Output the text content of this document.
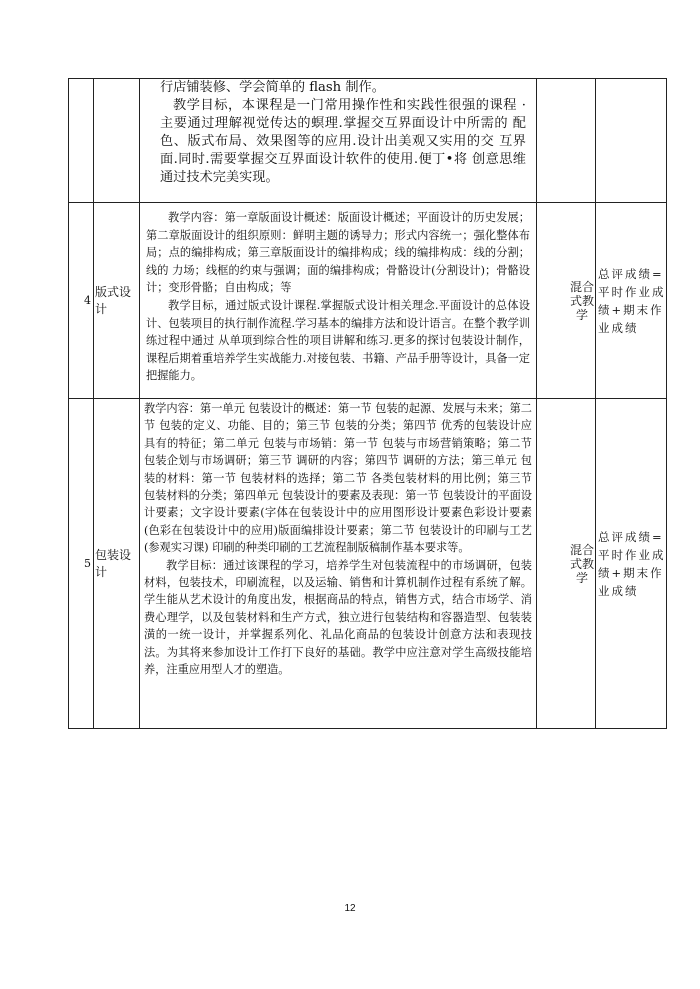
		行店铺装修、学会简单的 flash 制作。

教学目标，本课程是一门常用操作性和实践性很强的课程 · 主要通过理解视觉传达的螟理.掌握交互界面设计中所需的 配色、版式布局、效果图等的应用.设计出美观又实用的交 互界面.同时.需要掌握交互界面设计软件的使用.便丁•将 创意思维通过技术完美实现。		

4	版式设计	教学内容：第一章版面设计概述：版面设计概述；平面设计的历史发展；第二章版面设计的组织原则：鲜明主题的诱导力；形式内容统一；强化整体布局；点的编排构成；第三章版面设计的编排构成；线的编排构成：线的分割；线的 力场；线框的约束与强调；面的编排构成；骨骼设计(分割设计)；骨骼设计；变形骨骼；自由构成；等

教学目标，通过版式设计课程.掌握版式设计相关理念.平面设计的总体设计、包装项目的执行制作流程.学习基本的编排方法和设计语言。在整个教学训练过程中通过 从单项到综合性的项目讲解和练习.更多的探讨包装设计制作，课程后期着重培养学生实战能力.对接包装、书籍、产品手册等设计，具备一定把握能力。	混合式教学	总评成绩=平时作业成绩+期末作业成绩

5	包装设计	教学内容：第一单元 包装设计的概述：第一节 包装的起源、发展与未来；第二节 包装的定义、功能、目的；第三节 包装的分类；第四节 优秀的包装设计应具有的特征；第二单元 包装与市场销：第一节 包装与市场营销策略；第二节 包装企划与市场调研；第三节 调研的内容；第四节 调研的方法；第三单元 包装的材料：第一节 包装材料的选择；第二节 各类包装材料的用比例；第三节 包装材料的分类；第四单元 包装设计的要素及表现：第一节 包装设计的平面设计要素；文字设计要素(字体在包装设计中的应用图形设计要素色彩设计要素(色彩在包装设计中的应用)版面编排设计要素；第二节 包装设计的印刷与工艺 (参观实习课) 印刷的种类印刷的工艺流程制版稿制作基本要求等。

教学目标：通过该课程的学习，培养学生对包装流程中的市场调研，包装材料，包装技术，印刷流程，以及运输、销售和计算机制作过程有系统了解。学生能从艺术设计的角度出发，根据商品的特点，销售方式，结合市场学、消费心理学，以及包装材料和生产方式，独立进行包装结构和容器造型、包装装潢的一统一设计，并掌握系列化、礼品化商品的包装设计创意方法和表现技法。为其将来参加设计工作打下良好的基础。教学中应注意对学生高级技能培养，注重应用型人才的塑造。	混合式教学	总评成绩=平时作业成绩+期末作业成绩
12
